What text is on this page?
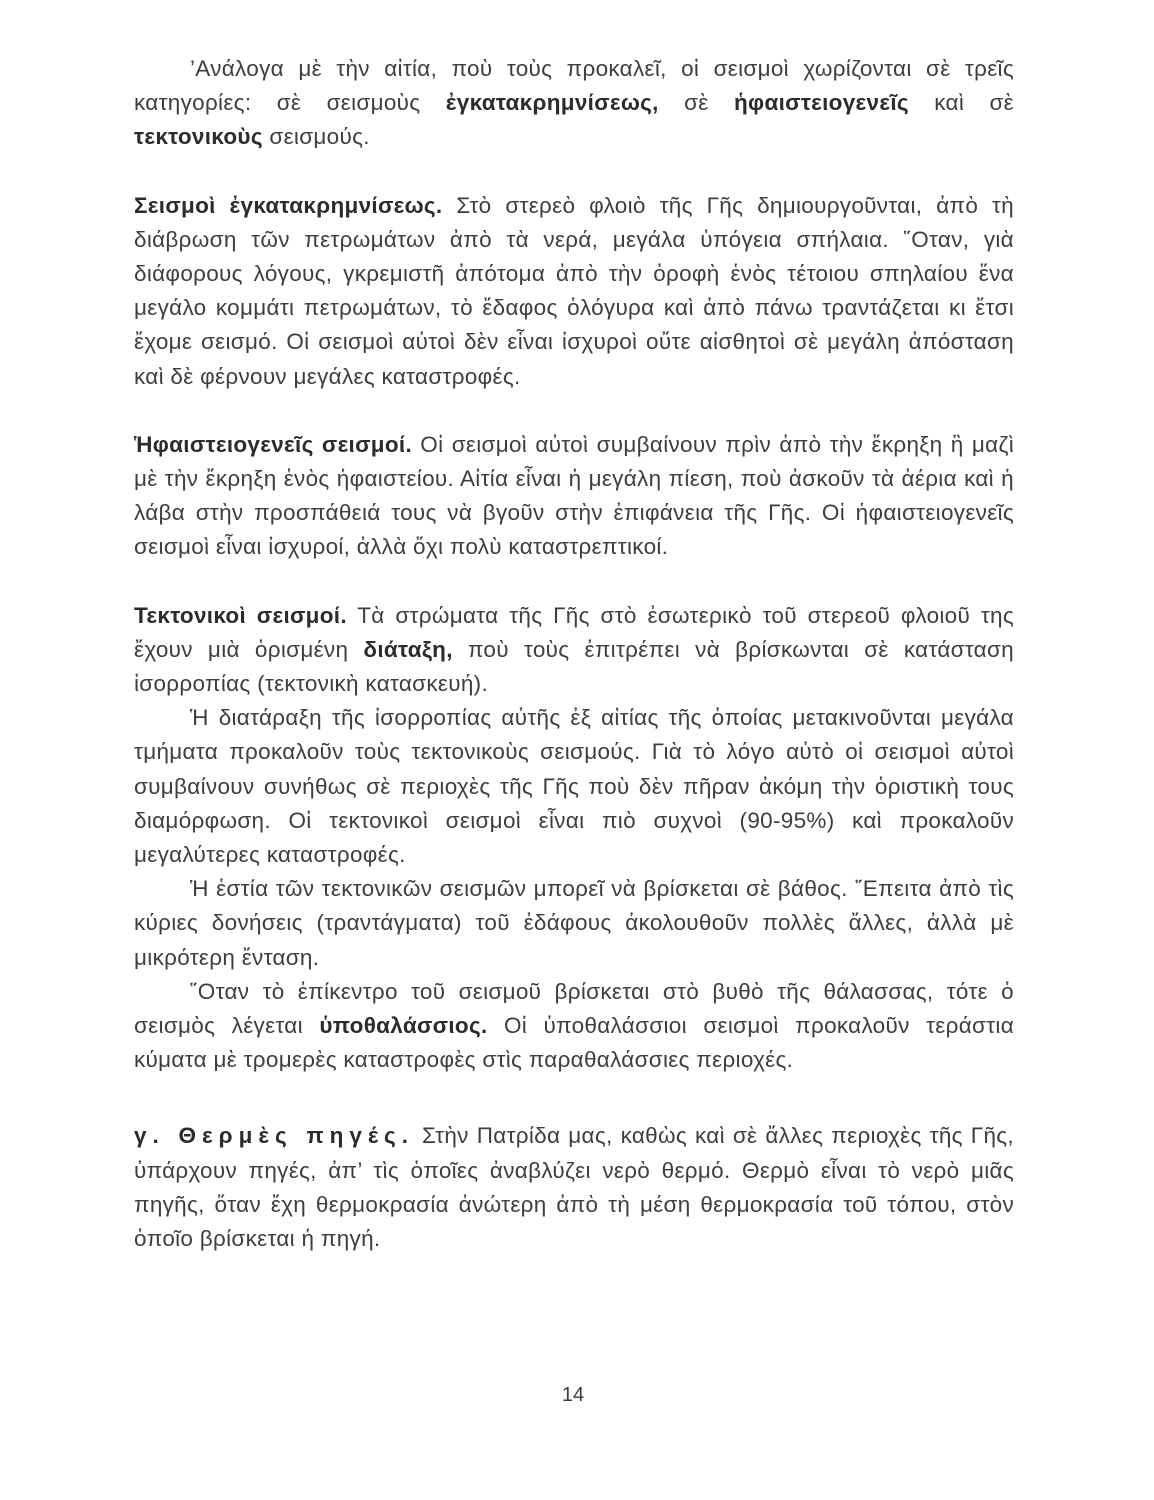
’Ανάλογα μὲ τὴν αἰτία, ποὺ τοὺς προκαλεῖ, οἱ σεισμοὶ χωρίζονται σὲ τρεῖς κατηγορίες: σὲ σεισμοὺς ἐγκατακρημνίσεως, σὲ ἡφαιστειογενεῖς καὶ σὲ τεκτονικοὺς σεισμούς.

Σεισμοὶ ἐγκατακρημνίσεως. Στὸ στερεὸ φλοιὸ τῆς Γῆς δημιουργοῦνται, ἀπὸ τὴ διάβρωση τῶν πετρωμάτων ἀπὸ τὰ νερά, μεγάλα ὑπόγεια σπήλαια. ῞Οταν, γιὰ διάφορους λόγους, γκρεμιστῆ ἀπότομα ἀπὸ τὴν ὀροφὴ ἑνὸς τέτοιου σπηλαίου ἕνα μεγάλο κομμάτι πετρωμάτων, τὸ ἔδαφος ὁλόγυρα καὶ ἀπὸ πάνω τραντάζεται κι ἔτσι ἔχομε σεισμό. Οἱ σεισμοὶ αὐτοὶ δὲν εἶναι ἰσχυροὶ οὔτε αἰσθητοὶ σὲ μεγάλη ἀπόσταση καὶ δὲ φέρνουν μεγάλες καταστροφές.

Ἡφαιστειογενεῖς σεισμοί. Οἱ σεισμοὶ αὐτοὶ συμβαίνουν πρὶν ἀπὸ τὴν ἔκρηξη ἢ μαζὶ μὲ τὴν ἔκρηξη ἑνὸς ἡφαιστείου. Αἰτία εἶναι ἡ μεγάλη πίεση, ποὺ ἀσκοῦν τὰ ἀέρια καὶ ἡ λάβα στὴν προσπάθειά τους νὰ βγοῦν στὴν ἐπιφάνεια τῆς Γῆς. Οἱ ἡφαιστειογενεῖς σεισμοὶ εἶναι ἰσχυροί, ἀλλὰ ὄχι πολὺ καταστρεπτικοί.

Τεκτονικοὶ σεισμοί. Τὰ στρώματα τῆς Γῆς στὸ ἐσωτερικὸ τοῦ στερεοῦ φλοιοῦ της ἔχουν μιὰ ὁρισμένη διάταξη, ποὺ τοὺς ἐπιτρέπει νὰ βρίσκωνται σὲ κατάσταση ἰσορροπίας (τεκτονικὴ κατασκευή).

Ἡ διατάραξη τῆς ἰσορροπίας αὐτῆς ἐξ αἰτίας τῆς ὁποίας μετακινοῦνται μεγάλα τμήματα προκαλοῦν τοὺς τεκτονικοὺς σεισμούς. Γιὰ τὸ λόγο αὐτὸ οἱ σεισμοὶ αὐτοὶ συμβαίνουν συνήθως σὲ περιοχὲς τῆς Γῆς ποὺ δὲν πῆραν ἀκόμη τὴν ὁριστικὴ τους διαμόρφωση. Οἱ τεκτονικοὶ σεισμοὶ εἶναι πιὸ συχνοὶ (90-95%) καὶ προκαλοῦν μεγαλύτερες καταστροφές.

Ἡ ἑστία τῶν τεκτονικῶν σεισμῶν μπορεῖ νὰ βρίσκεται σὲ βάθος. ῎Επειτα ἀπὸ τὶς κύριες δονήσεις (τραντάγματα) τοῦ ἐδάφους ἀκολουθοῦν πολλὲς ἄλλες, ἀλλὰ μὲ μικρότερη ἔνταση.

῞Οταν τὸ ἐπίκεντρο τοῦ σεισμοῦ βρίσκεται στὸ βυθὸ τῆς θάλασσας, τότε ὁ σεισμὸς λέγεται ὑποθαλάσσιος. Οἱ ὑποθαλάσσιοι σεισμοὶ προκαλοῦν τεράστια κύματα μὲ τρομερὲς καταστροφὲς στὶς παραθαλάσσιες περιοχές.

γ. Θερμὲς πηγές. Στὴν Πατρίδα μας, καθὼς καὶ σὲ ἄλλες περιοχὲς τῆς Γῆς, ὑπάρχουν πηγές, ἀπ’ τὶς ὁποῖες ἀναβλύζει νερὸ θερμό. Θερμὸ εἶναι τὸ νερὸ μιᾶς πηγῆς, ὅταν ἔχη θερμοκρασία ἀνώτερη ἀπὸ τὴ μέση θερμοκρασία τοῦ τόπου, στὸν ὁποῖο βρίσκεται ἡ πηγή.

14
